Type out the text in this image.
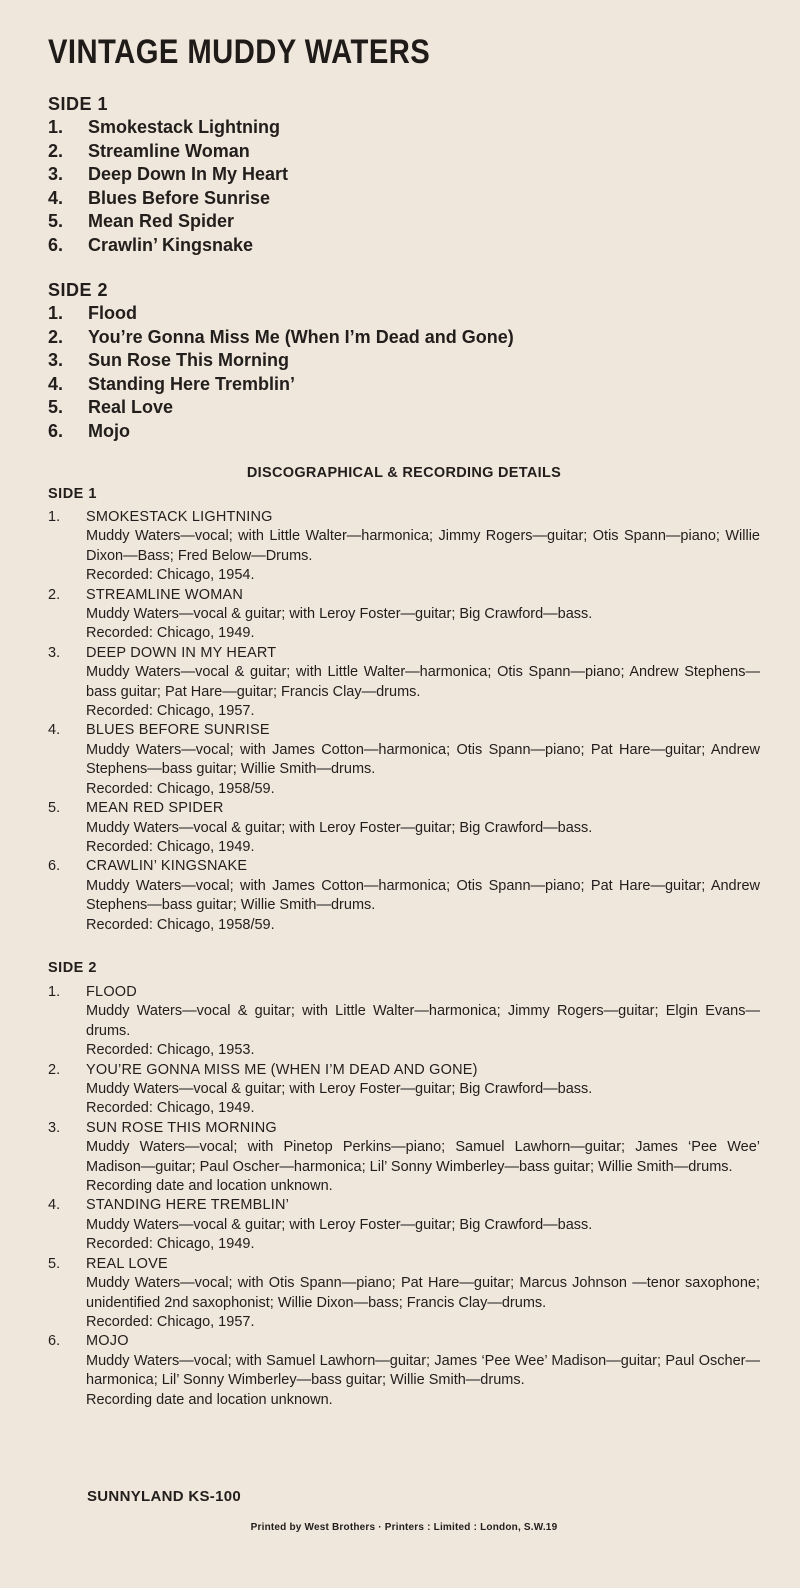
VINTAGE MUDDY WATERS
SIDE 1
1.	Smokestack Lightning
2.	Streamline Woman
3.	Deep Down In My Heart
4.	Blues Before Sunrise
5.	Mean Red Spider
6.	Crawlin’ Kingsnake
SIDE 2
1.	Flood
2.	You’re Gonna Miss Me (When I’m Dead and Gone)
3.	Sun Rose This Morning
4.	Standing Here Tremblin’
5.	Real Love
6.	Mojo
DISCOGRAPHICAL & RECORDING DETAILS
SIDE 1
1. SMOKESTACK LIGHTNING
Muddy Waters—vocal; with Little Walter—harmonica; Jimmy Rogers—guitar; Otis Spann—piano; Willie Dixon—Bass; Fred Below—Drums.
Recorded: Chicago, 1954.
2. STREAMLINE WOMAN
Muddy Waters—vocal & guitar; with Leroy Foster—guitar; Big Crawford—bass.
Recorded: Chicago, 1949.
3. DEEP DOWN IN MY HEART
Muddy Waters—vocal & guitar; with Little Walter—harmonica; Otis Spann—piano; Andrew Stephens—bass guitar; Pat Hare—guitar; Francis Clay—drums.
Recorded: Chicago, 1957.
4. BLUES BEFORE SUNRISE
Muddy Waters—vocal; with James Cotton—harmonica; Otis Spann—piano; Pat Hare—guitar; Andrew Stephens—bass guitar; Willie Smith—drums.
Recorded: Chicago, 1958/59.
5. MEAN RED SPIDER
Muddy Waters—vocal & guitar; with Leroy Foster—guitar; Big Crawford—bass.
Recorded: Chicago, 1949.
6. CRAWLIN’ KINGSNAKE
Muddy Waters—vocal; with James Cotton—harmonica; Otis Spann—piano; Pat Hare—guitar; Andrew Stephens—bass guitar; Willie Smith—drums.
Recorded: Chicago, 1958/59.
SIDE 2
1. FLOOD
Muddy Waters—vocal & guitar; with Little Walter—harmonica; Jimmy Rogers—guitar; Elgin Evans—drums.
Recorded: Chicago, 1953.
2. YOU’RE GONNA MISS ME (WHEN I’M DEAD AND GONE)
Muddy Waters—vocal & guitar; with Leroy Foster—guitar; Big Crawford—bass.
Recorded: Chicago, 1949.
3. SUN ROSE THIS MORNING
Muddy Waters—vocal; with Pinetop Perkins—piano; Samuel Lawhorn—guitar; James ‘Pee Wee’ Madison—guitar; Paul Oscher—harmonica; Lil’ Sonny Wimberley—bass guitar; Willie Smith—drums.
Recording date and location unknown.
4. STANDING HERE TREMBLIN’
Muddy Waters—vocal & guitar; with Leroy Foster—guitar; Big Crawford—bass.
Recorded: Chicago, 1949.
5. REAL LOVE
Muddy Waters—vocal; with Otis Spann—piano; Pat Hare—guitar; Marcus Johnson —tenor saxophone; unidentified 2nd saxophonist; Willie Dixon—bass; Francis Clay—drums.
Recorded: Chicago, 1957.
6. MOJO
Muddy Waters—vocal; with Samuel Lawhorn—guitar; James ‘Pee Wee’ Madison—guitar; Paul Oscher—harmonica; Lil’ Sonny Wimberley—bass guitar; Willie Smith—drums.
Recording date and location unknown.

SUNNYLAND KS-100

Printed by West Brothers · Printers : Limited : London, S.W.19
